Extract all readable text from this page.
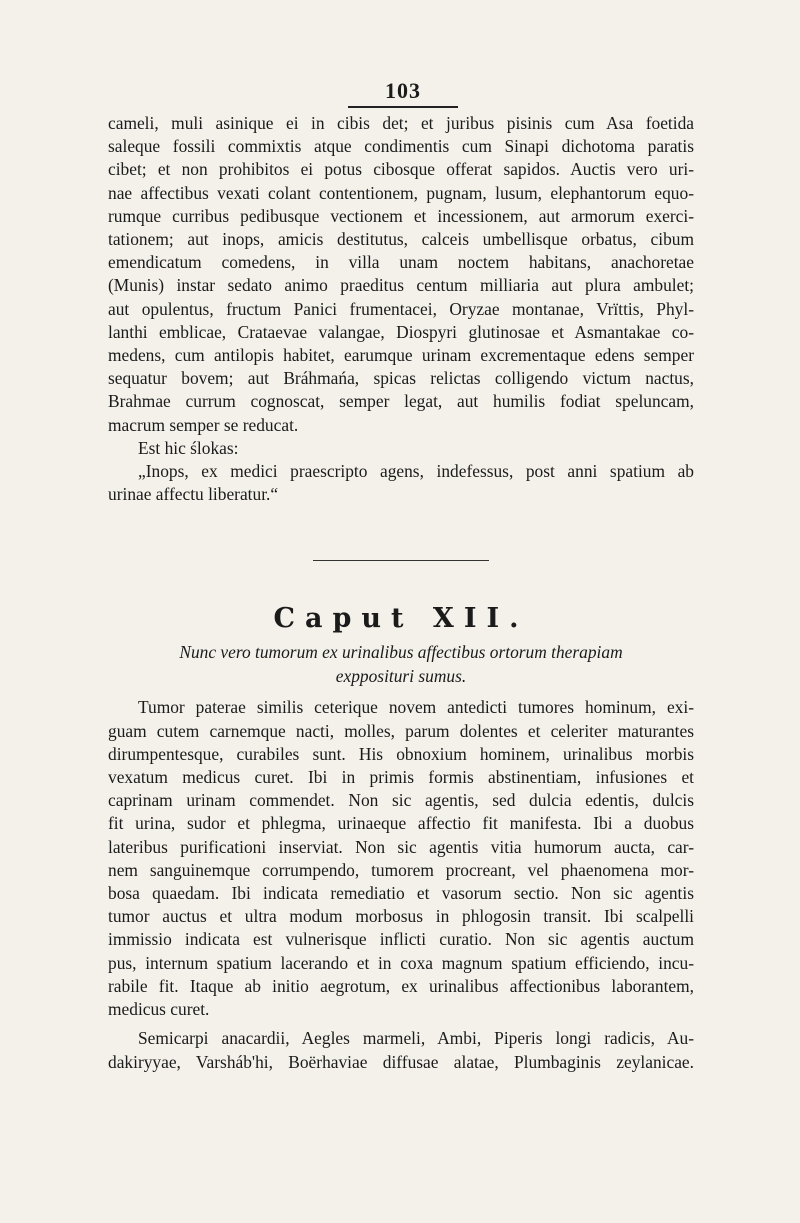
103

cameli, muli asinique ei in cibis det; et juribus pisinis cum Asa foetida

saleque fossili commixtis atque condimentis cum Sinapi dichotoma paratis

cibet; et non prohibitos ei potus cibosque offerat sapidos. Auctis vero uri-

nae affectibus vexati colant contentionem, pugnam, lusum, elephantorum equo-

rumque curribus pedibusque vectionem et incessionem, aut armorum exerci-

tationem; aut inops, amicis destitutus, calceis umbellisque orbatus, cibum

emendicatum comedens, in villa unam noctem habitans, anachoretae

(Munis) instar sedato animo praeditus centum milliaria aut plura ambulet;

aut opulentus, fructum Panici frumentacei, Oryzae montanae, Vrïttis, Phyl-

lanthi emblicae, Crataevae valangae, Diospyri glutinosae et Asmantakae co-

medens, cum antilopis habitet, earumque urinam excrementaque edens semper

sequatur bovem; aut Bráhmańa, spicas relictas colligendo victum nactus,

Brahmae currum cognoscat, semper legat, aut humilis fodiat speluncam,

macrum semper se reducat.

Est hic ślokas:

„Inops, ex medici praescripto agens, indefessus, post anni spatium ab

urinae affectu liberatur.“

Caput XII.

Nunc vero tumorum ex urinalibus affectibus ortorum therapiam

expposituri sumus.

Tumor paterae similis ceterique novem antedicti tumores hominum, exi-

guam cutem carnemque nacti, molles, parum dolentes et celeriter maturantes

dirumpentesque, curabiles sunt. His obnoxium hominem, urinalibus morbis

vexatum medicus curet. Ibi in primis formis abstinentiam, infusiones et

caprinam urinam commendet. Non sic agentis, sed dulcia edentis, dulcis

fit urina, sudor et phlegma, urinaeque affectio fit manifesta. Ibi a duobus

lateribus purificationi inserviat. Non sic agentis vitia humorum aucta, car-

nem sanguinemque corrumpendo, tumorem procreant, vel phaenomena mor-

bosa quaedam. Ibi indicata remediatio et vasorum sectio. Non sic agentis

tumor auctus et ultra modum morbosus in phlogosin transit. Ibi scalpelli

immissio indicata est vulnerisque inflicti curatio. Non sic agentis auctum

pus, internum spatium lacerando et in coxa magnum spatium efficiendo, incu-

rabile fit. Itaque ab initio aegrotum, ex urinalibus affectionibus laborantem,

medicus curet.

Semicarpi anacardii, Aegles marmeli, Ambi, Piperis longi radicis, Au-

dakiryyae, Varsháb'hi, Boërhaviae diffusae alatae, Plumbaginis zeylanicae.
